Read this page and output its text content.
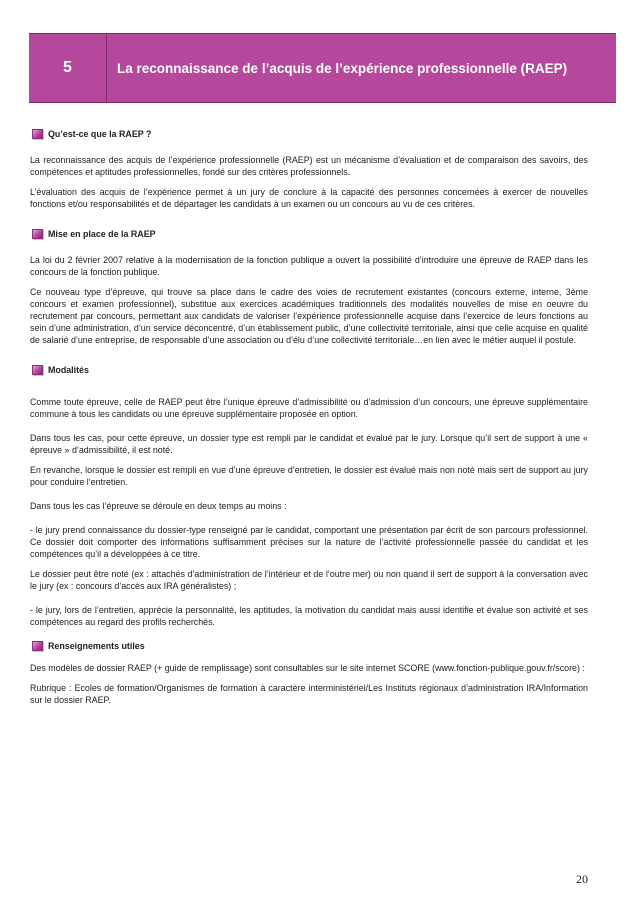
5	La reconnaissance de l’acquis de l’expérience professionnelle (RAEP)
Qu’est-ce que la RAEP ?

La reconnaissance des acquis de l’expérience professionnelle (RAEP) est un mécanisme d’évaluation et de comparaison des savoirs, des compétences et aptitudes professionnelles, fondé sur des critères professionnels.

L’évaluation des acquis de l’expérience permet à un jury de conclure à la capacité des personnes concernées à exercer de nouvelles fonctions et/ou responsabilités et de départager les candidats à un examen ou un concours au vu de ces critères.

Mise en place de la RAEP

La loi du 2 février 2007 relative à la modernisation de la fonction publique a ouvert la possibilité d’introduire une épreuve de RAEP dans les concours de la fonction publique.

Ce nouveau type d’épreuve, qui trouve sa place dans le cadre des voies de recrutement existantes (concours externe, interne, 3ème concours et examen professionnel), substitue aux exercices académiques traditionnels des modalités nouvelles de mise en oeuvre du recrutement par concours, permettant aux candidats de valoriser l’expérience professionnelle acquise dans l’exercice de leurs fonctions au sein d’une administration, d’un service déconcentré, d’un établissement public, d’une collectivité territoriale, ainsi que celle acquise en qualité de salarié d’une entreprise, de responsable d’une association ou d’élu d’une collectivité territoriale…en lien avec le métier auquel il postule.

Modalités

Comme toute épreuve, celle de RAEP peut être l’unique épreuve d’admissibilité ou d’admission d’un concours, une épreuve supplémentaire commune à tous les candidats ou une épreuve supplémentaire proposée en option.

Dans tous les cas, pour cette épreuve, un dossier type est rempli par le candidat et évalué par le jury. Lorsque qu’il sert de support à une « épreuve » d’admissibilité, il est noté.

En revanche, lorsque le dossier est rempli en vue d’une épreuve d’entretien, le dossier est évalué mais non noté mais sert de support au jury pour conduire l’entretien.

Dans tous les cas l’épreuve se déroule en deux temps au moins :

- le jury prend connaissance du dossier-type renseigné par le candidat, comportant une présentation par écrit de son parcours professionnel. Ce dossier doit comporter des informations suffisamment précises sur la nature de l’activité professionnelle passée du candidat et les compétences qu’il a développées à ce titre.

Le dossier peut être noté (ex : attachés d’administration de l’intérieur et de l’outre mer) ou non quand il sert de support à la conversation avec le jury (ex : concours d’accès aux IRA généralistes) ;

- le jury, lors de l’entretien, apprécie la personnalité, les aptitudes, la motivation du candidat mais aussi identifie et évalue son activité et ses compétences au regard des profils recherchés.

Renseignements utiles

Des modèles de dossier RAEP (+ guide de remplissage) sont consultables sur le site internet SCORE (www.fonction-publique.gouv.fr/score) :

Rubrique : Ecoles de formation/Organismes de formation à caractère interministériel/Les Instituts régionaux d’administration IRA/Information sur le dossier RAEP.

20
